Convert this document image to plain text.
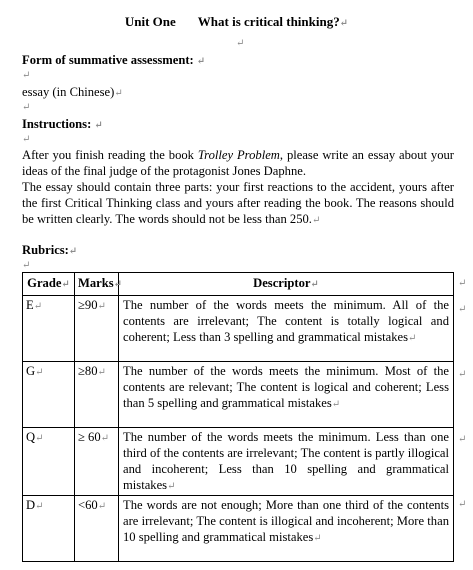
Unit One What is critical thinking?↵
↵
Form of summative assessment: ↵
↵
essay (in Chinese)↵
↵
Instructions: ↵
↵

After you finish reading the book Trolley Problem, please write an essay about your ideas of the final judge of the protagonist Jones Daphne.

The essay should contain three parts: your first reactions to the accident, yours after the first Critical Thinking class and yours after reading the book. The reasons should be written clearly. The words should not be less than 250.↵

Rubrics:↵
↵
Grade↵	Marks↵	Descriptor↵
E↵	≥90↵	The number of the words meets the minimum. All of the contents are irrelevant; The content is totally logical and coherent; Less than 3 spelling and grammatical mistakes↵
G↵	≥80↵	The number of the words meets the minimum. Most of the contents are relevant; The content is logical and coherent; Less than 5 spelling and grammatical mistakes↵
Q↵	≥ 60↵	The number of the words meets the minimum. Less than one third of the contents are irrelevant; The content is partly illogical and incoherent; Less than 10 spelling and grammatical mistakes↵
D↵	<60↵	The words are not enough; More than one third of the contents are irrelevant; The content is illogical and incoherent; More than 10 spelling and grammatical mistakes↵
↵
↵
↵
↵
↵
